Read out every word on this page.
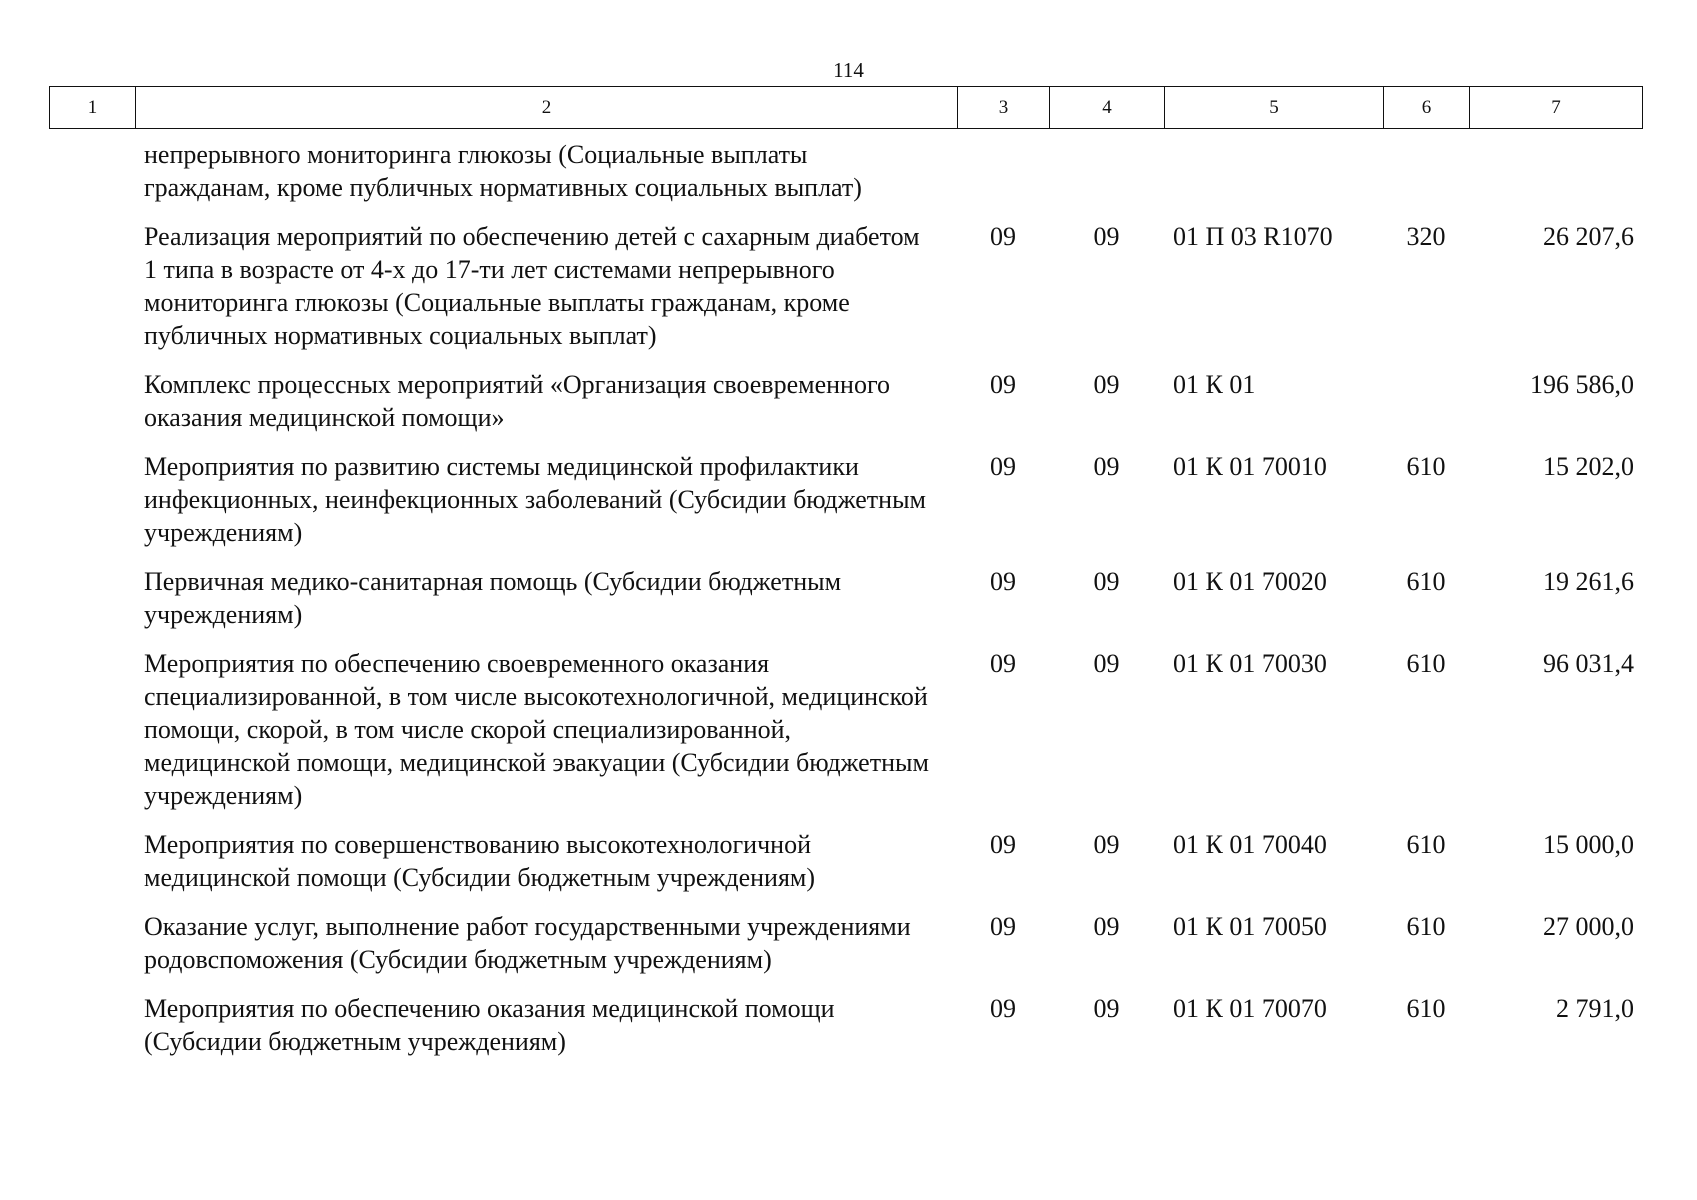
114
1	2	3	4	5	6	7
непрерывного мониторинга глюкозы (Социальные выплаты гражданам, кроме публичных нормативных социальных выплат)					
Реализация мероприятий по обеспечению детей с сахарным диабетом 1 типа в возрасте от 4-х до 17-ти лет системами непрерывного мониторинга глюкозы (Социальные выплаты гражданам, кроме публичных нормативных социальных выплат)	09	09	01 П 03 R1070	320	26 207,6
Комплекс процессных мероприятий «Организация своевременного оказания медицинской помощи»	09	09	01 К 01		196 586,0
Мероприятия по развитию системы медицинской профилактики инфекционных, неинфекционных заболеваний (Субсидии бюджетным учреждениям)	09	09	01 К 01 70010	610	15 202,0
Первичная медико-санитарная помощь (Субсидии бюджетным учреждениям)	09	09	01 К 01 70020	610	19 261,6
Мероприятия по обеспечению своевременного оказания специализированной, в том числе высокотехнологичной, медицинской помощи, скорой, в том числе скорой специализированной, медицинской помощи, медицинской эвакуации (Субсидии бюджетным учреждениям)	09	09	01 К 01 70030	610	96 031,4
Мероприятия по совершенствованию высокотехнологичной медицинской помощи (Субсидии бюджетным учреждениям)	09	09	01 К 01 70040	610	15 000,0
Оказание услуг, выполнение работ государственными учреждениями родовспоможения (Субсидии бюджетным учреждениям)	09	09	01 К 01 70050	610	27 000,0
Мероприятия по обеспечению оказания медицинской помощи (Субсидии бюджетным учреждениям)	09	09	01 К 01 70070	610	2 791,0
